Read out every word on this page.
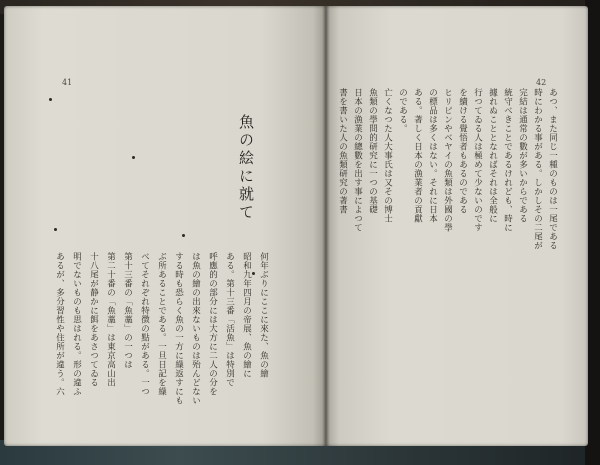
41
魚の絵に就て
あるが、多分習性や住所が違う。六 明でないものも思はれる。形の違ふ 十八尾が静かに餌をあさつてゐる 第二十番の「魚藁」は東京高山出 第十三番の「魚藁」の一つは べてそれぞれ特徴の點がある。一つ ぶ所あることである。一旦日記を繰 する時も恐らく魚の一方に繰返すにも は魚の繪の出來ないものは殆んどない 呼應的の部分には大方に二人の分を ある。第十三番「活魚」は特別で 昭和九年四月の帝展、魚の繪に 何年ぶりにここに來た、魚の繪
42
書を書いた人の魚類研究の著書 日本の漁業の總數を出す事によつて 魚類の學問的研究に一つの基礎 亡くなつた人大事氏は又その博士 のである。 ある。著しく日本の漁業者の貢獻 の標品は多くはない。それに日本 ヒリピンやベヤイの魚類は外國の學 を續ける覺悟者もあるのである 行つてゐる人は極めて少ないのです 據れぬこととなればそれは全般に 統守べきことであるけれども、時に 完結は通常の數が多いからである 時にわかる事がある。しかしその二尾が あつ、また同じ一種のものは一尾である
